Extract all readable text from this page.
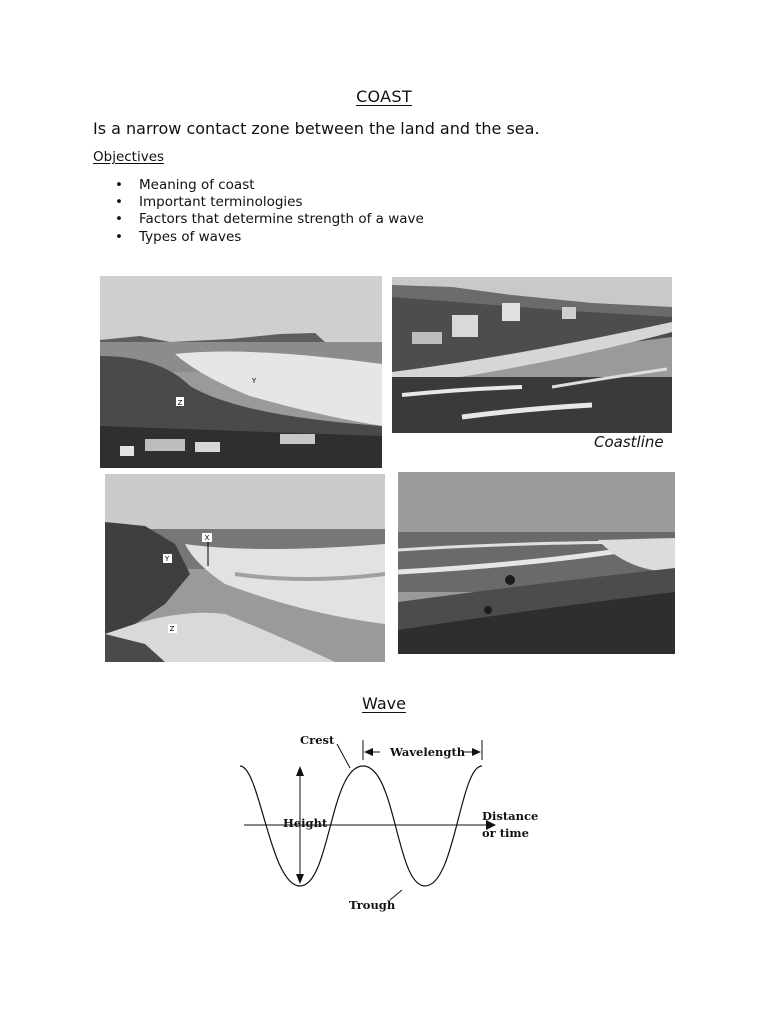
COAST
Is a narrow contact zone between the land and the sea.
Objectives
• Meaning of coast
• Important terminologies
• Factors that determine strength of a wave
• Types of waves
Z
Y
Coastline
X
Y
Z
Wave
Crest
Wavelength
Height	Distance
or time
Trough
